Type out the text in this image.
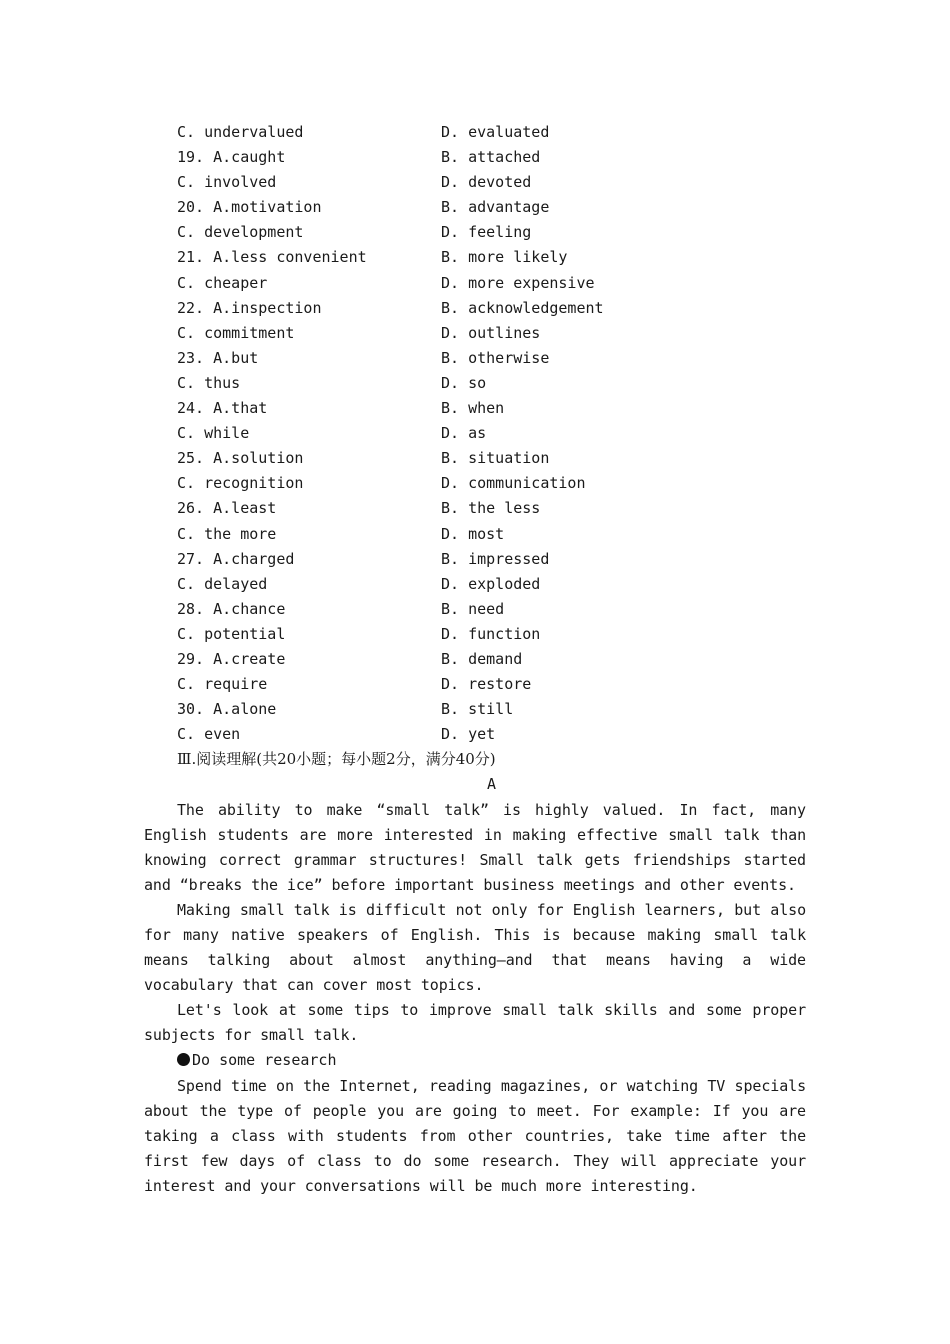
C. undervalued	D. evaluated
19. A.caught	B. attached
C. involved	D. devoted
20. A.motivation	B. advantage
C. development	D. feeling
21. A.less convenient	B. more likely
C. cheaper	D. more expensive
22. A.inspection	B. acknowledgement
C. commitment	D. outlines
23. A.but	B. otherwise
C. thus	D. so
24. A.that	B. when
C. while	D. as
25. A.solution	B. situation
C. recognition	D. communication
26. A.least	B. the less
C. the more	D. most
27. A.charged	B. impressed
C. delayed	D. exploded
28. A.chance	B. need
C. potential	D. function
29. A.create	B. demand
C. require	D. restore
30. A.alone	B. still
C. even	D. yet
Ⅲ.阅读理解(共20小题；每小题2分，满分40分)
A

The ability to make “small talk” is highly valued. In fact, many English students are more interested in making effective small talk than knowing correct grammar structures! Small talk gets friendships started and “breaks the ice” before important business meetings and other events.

Making small talk is difficult not only for English learners, but also for many native speakers of English. This is because making small talk means talking about almost anything—and that means having a wide vocabulary that can cover most topics.

Let's look at some tips to improve small talk skills and some proper subjects for small talk.

Do some research

Spend time on the Internet, reading magazines, or watching TV specials about the type of people you are going to meet. For example: If you are taking a class with students from other countries, take time after the first few days of class to do some research. They will appreciate your interest and your conversations will be much more interesting.
